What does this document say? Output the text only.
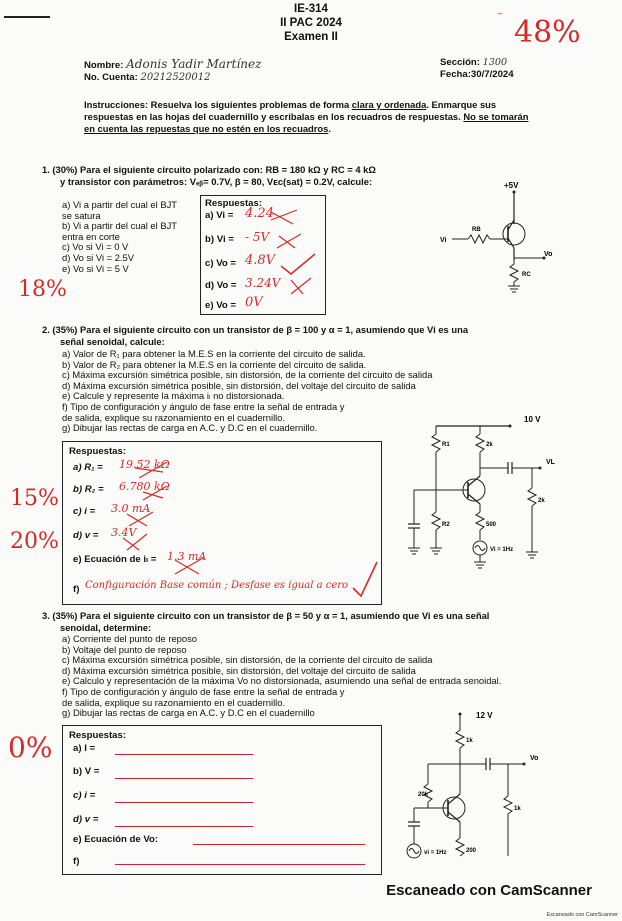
IE-314
II PAC 2024
Examen II	48%
‾
Nombre: Adonis Yadir Martínez
No. Cuenta: 20212520012
Sección: 1300
Fecha:30/7/2024
Instrucciones: Resuelva los siguientes problemas de forma clara y ordenada. Enmarque sus respuestas en las hojas del cuadernillo y escríbalas en los recuadros de respuestas. No se tomarán en cuenta las repuestas que no estén en los recuadros.
1. (30%) Para el siguiente circuito polarizado con: RB = 180 kΩ y RC = 4 kΩ
y transistor con parámetros: Vₑᵦ= 0.7V, β = 80, Vᴇᴄ(sat) = 0.2V, calcule:
a) Vi a partir del cual el BJT
se satura
b) Vi a partir del cual el BJT
entra en corte
c) Vo si Vi = 0 V
d) Vo si Vi = 2.5V
e) Vo si Vi = 5 V
18%
Respuestas:
a) Vi = 4.24
b) Vi = - 5V
c) Vo = 4.8V
d) Vo = 3.24V
e) Vo = 0V
+5V
Vi
RB
Vo
RC
2. (35%) Para el siguiente circuito con un transistor de β = 100 y α = 1, asumiendo que Vi es una
señal senoidal, calcule:
a) Valor de R₁ para obtener la M.E.S en la corriente del circuito de salida.
b) Valor de R₂ para obtener la M.E.S en la corriente del circuito de salida.
c) Máxima excursión simétrica posible, sin distorsión, de la corriente del circuito de salida
d) Máxima excursión simétrica posible, sin distorsión, del voltaje del circuito de salida
e) Calcule y represente la máxima iₗ no distorsionada.
f) Tipo de configuración y ángulo de fase entre la señal de entrada y
de salida, explique su razonamiento en el cuadernillo.
g) Dibujar las rectas de carga en A.C. y D.C en el cuadernillo.
Respuestas:
a) R₁ = 19.52 kΩ
b) R₂ = 6.780 kΩ
c) i = 3.0 mA
d) v = 3.4V
e) Ecuación de iₗ = 1.3 mA
f) Configuración Base común ; Desfase es igual a cero
15%
20%
10 V
R1	2k
VL
2k
500
Vi = 1Hz
R2
3. (35%) Para el siguiente circuito con un transistor de β = 50 y α = 1, asumiendo que Vi es una señal
senoidal, determine:
a) Corriente del punto de reposo
b) Voltaje del punto de reposo
c) Máxima excursión simétrica posible, sin distorsión, de la corriente del circuito de salida
d) Máxima excursión simétrica posible, sin distorsión, del voltaje del circuito de salida
e) Calculo y representación de la máxima Vo no distorsionada, asumiendo una señal de entrada senoidal.
f) Tipo de configuración y ángulo de fase entre la señal de entrada y
de salida, explique su razonamiento en el cuadernillo.
g) Dibujar las rectas de carga en A.C. y D.C en el cuadernillo
0% Respuestas:
a) I =
b) V =
c) i =
d) v =
e) Ecuación de Vo:
f)
12 V
1k
Vo
1k
20k
200
vi = 1Hz
Escaneado con CamScanner
Escaneado con CamScanner
